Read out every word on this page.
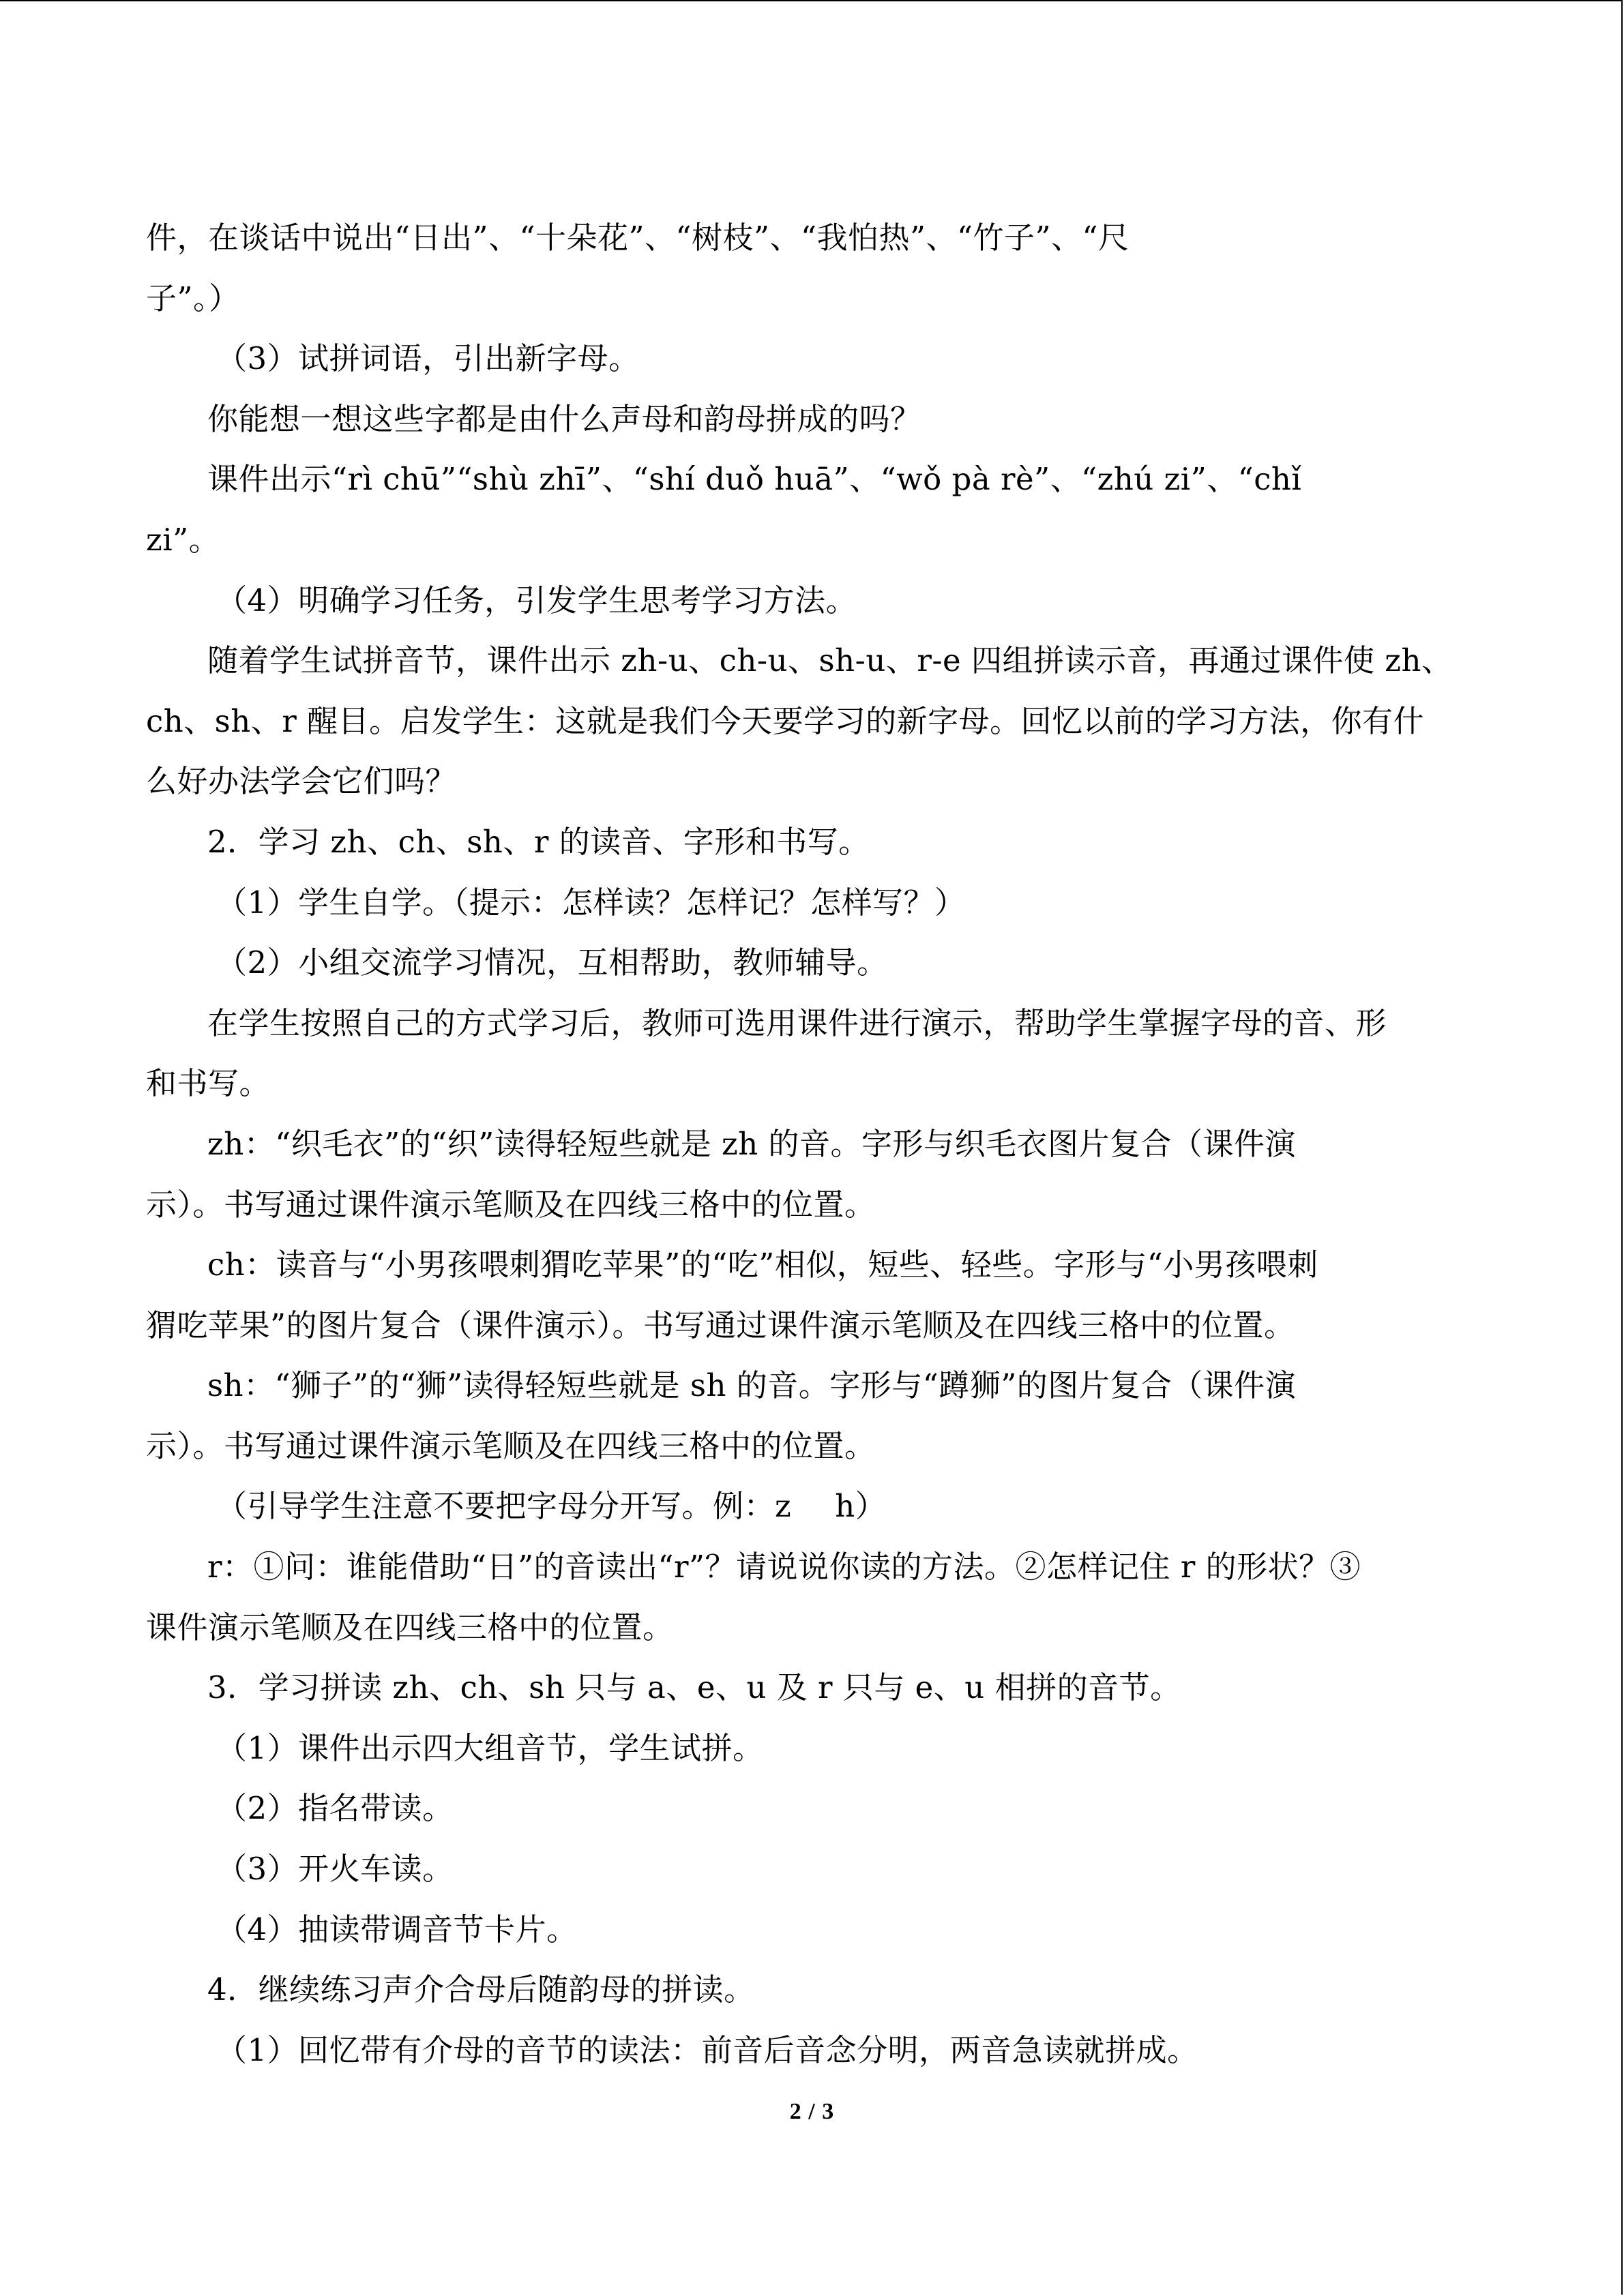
件，在谈话中说出“日出”、“十朵花”、“树枝”、“我怕热”、“竹子”、“尺
子”。）
（3）试拼词语，引出新字母。
你能想一想这些字都是由什么声母和韵母拼成的吗？
课件出示“rì chū”“shù zhī”、“shí duǒ huā”、“wǒ pà rè”、“zhú zi”、“chǐ
zi”。
（4）明确学习任务，引发学生思考学习方法。
随着学生试拼音节，课件出示 zh-u、ch-u、sh-u、r-e 四组拼读示音，再通过课件使 zh、
ch、sh、r 醒目。启发学生：这就是我们今天要学习的新字母。回忆以前的学习方法，你有什
么好办法学会它们吗？
2．学习 zh、ch、sh、r 的读音、字形和书写。
（1）学生自学。（提示：怎样读？怎样记？怎样写？）
（2）小组交流学习情况，互相帮助，教师辅导。
在学生按照自己的方式学习后，教师可选用课件进行演示，帮助学生掌握字母的音、形
和书写。
zh：“织毛衣”的“织”读得轻短些就是 zh 的音。字形与织毛衣图片复合（课件演
示）。书写通过课件演示笔顺及在四线三格中的位置。
ch：读音与“小男孩喂刺猬吃苹果”的“吃”相似，短些、轻些。字形与“小男孩喂刺
猬吃苹果”的图片复合（课件演示）。书写通过课件演示笔顺及在四线三格中的位置。
sh：“狮子”的“狮”读得轻短些就是 sh 的音。字形与“蹲狮”的图片复合（课件演
示）。书写通过课件演示笔顺及在四线三格中的位置。
（引导学生注意不要把字母分开写。例：z h）
r：①问：谁能借助“日”的音读出“r”？请说说你读的方法。②怎样记住 r 的形状？③
课件演示笔顺及在四线三格中的位置。
3．学习拼读 zh、ch、sh 只与 a、e、u 及 r 只与 e、u 相拼的音节。
（1）课件出示四大组音节，学生试拼。
（2）指名带读。
（3）开火车读。
（4）抽读带调音节卡片。
4．继续练习声介合母后随韵母的拼读。
（1）回忆带有介母的音节的读法：前音后音念分明，两音急读就拼成。
2 / 3
